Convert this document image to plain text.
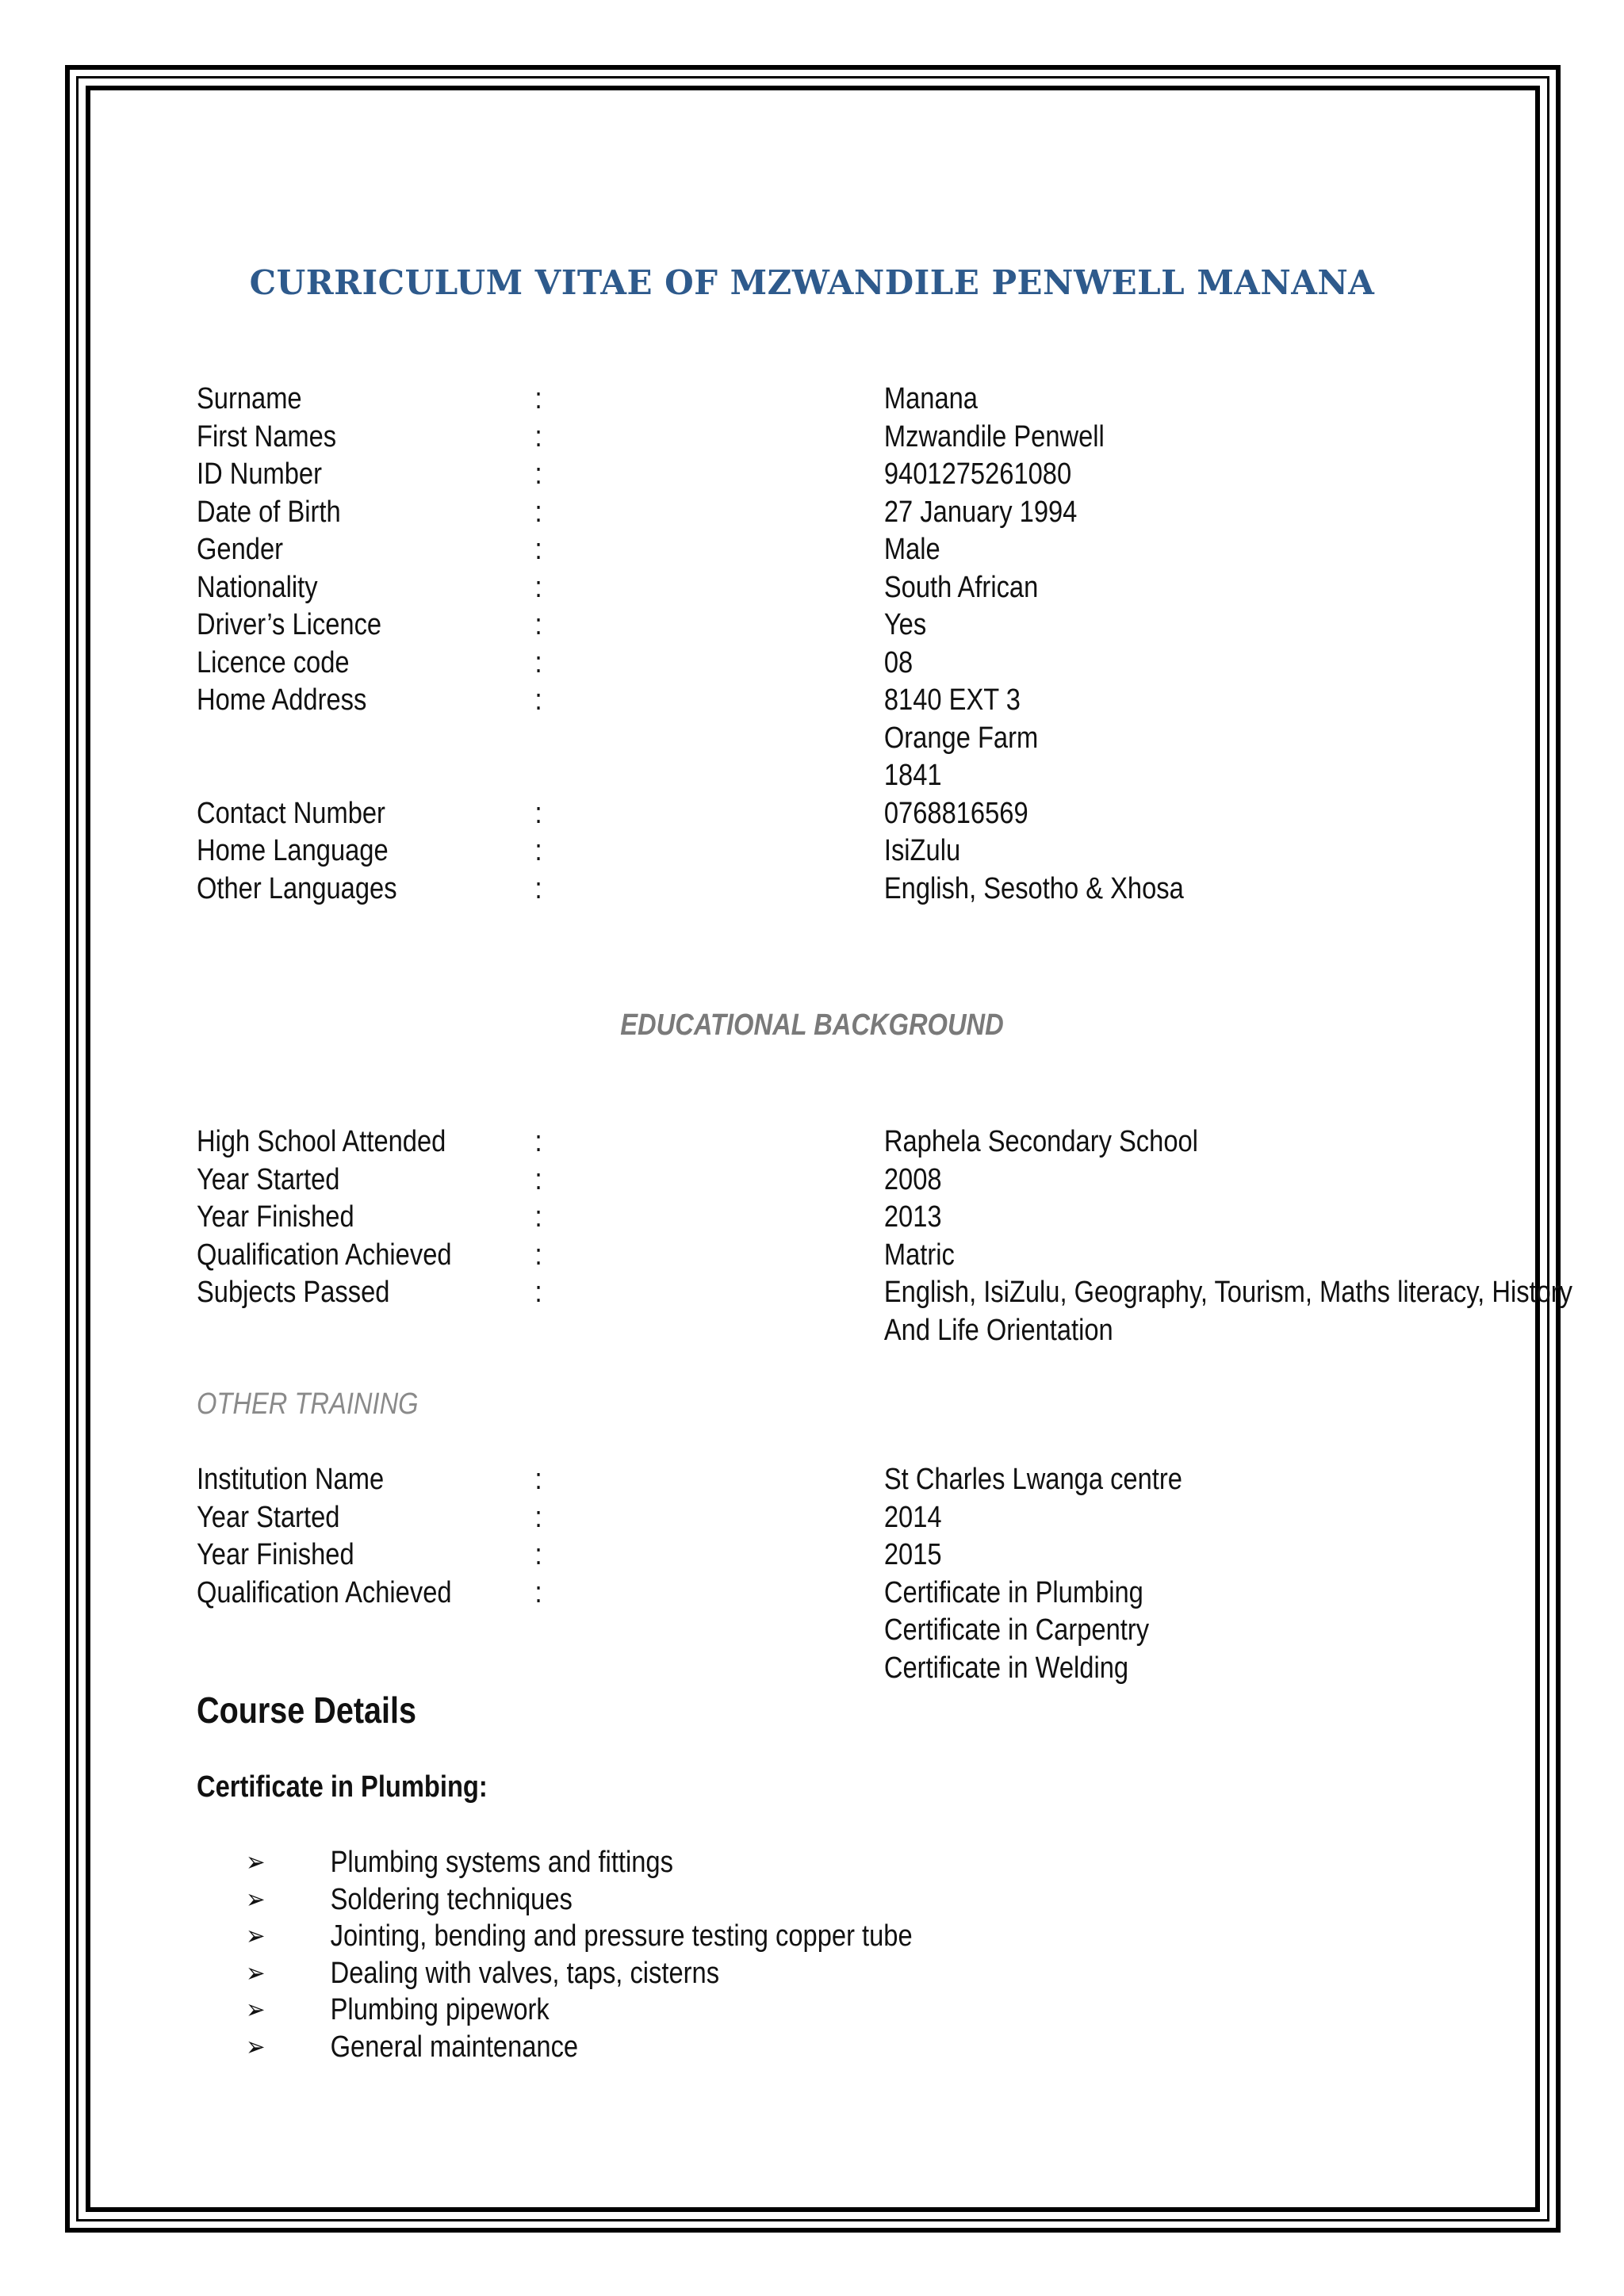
CURRICULUM VITAE OF MZWANDILE PENWELL MANANA
Surname	:	Manana
First Names	:	Mzwandile Penwell
ID Number	:	9401275261080
Date of Birth	:	27 January 1994
Gender	:	Male
Nationality	:	South African
Driver’s Licence	:	Yes
Licence code	:	08
Home Address	:	8140 EXT 3
Orange Farm
1841
Contact Number	:	0768816569
Home Language	:	IsiZulu
Other Languages	:	English, Sesotho & Xhosa
EDUCATIONAL BACKGROUND
High School Attended	:	Raphela Secondary School
Year Started	:	2008
Year Finished	:	2013
Qualification Achieved	:	Matric
Subjects Passed	:	English, IsiZulu, Geography, Tourism, Maths literacy, History
And Life Orientation
OTHER TRAINING
Institution Name	:	St Charles Lwanga centre
Year Started	:	2014
Year Finished	:	2015
Qualification Achieved	:	Certificate in Plumbing
Certificate in Carpentry
Certificate in Welding
Course Details
Certificate in Plumbing:
➢ Plumbing systems and fittings
➢ Soldering techniques
➢ Jointing, bending and pressure testing copper tube
➢ Dealing with valves, taps, cisterns
➢ Plumbing pipework
➢ General maintenance
